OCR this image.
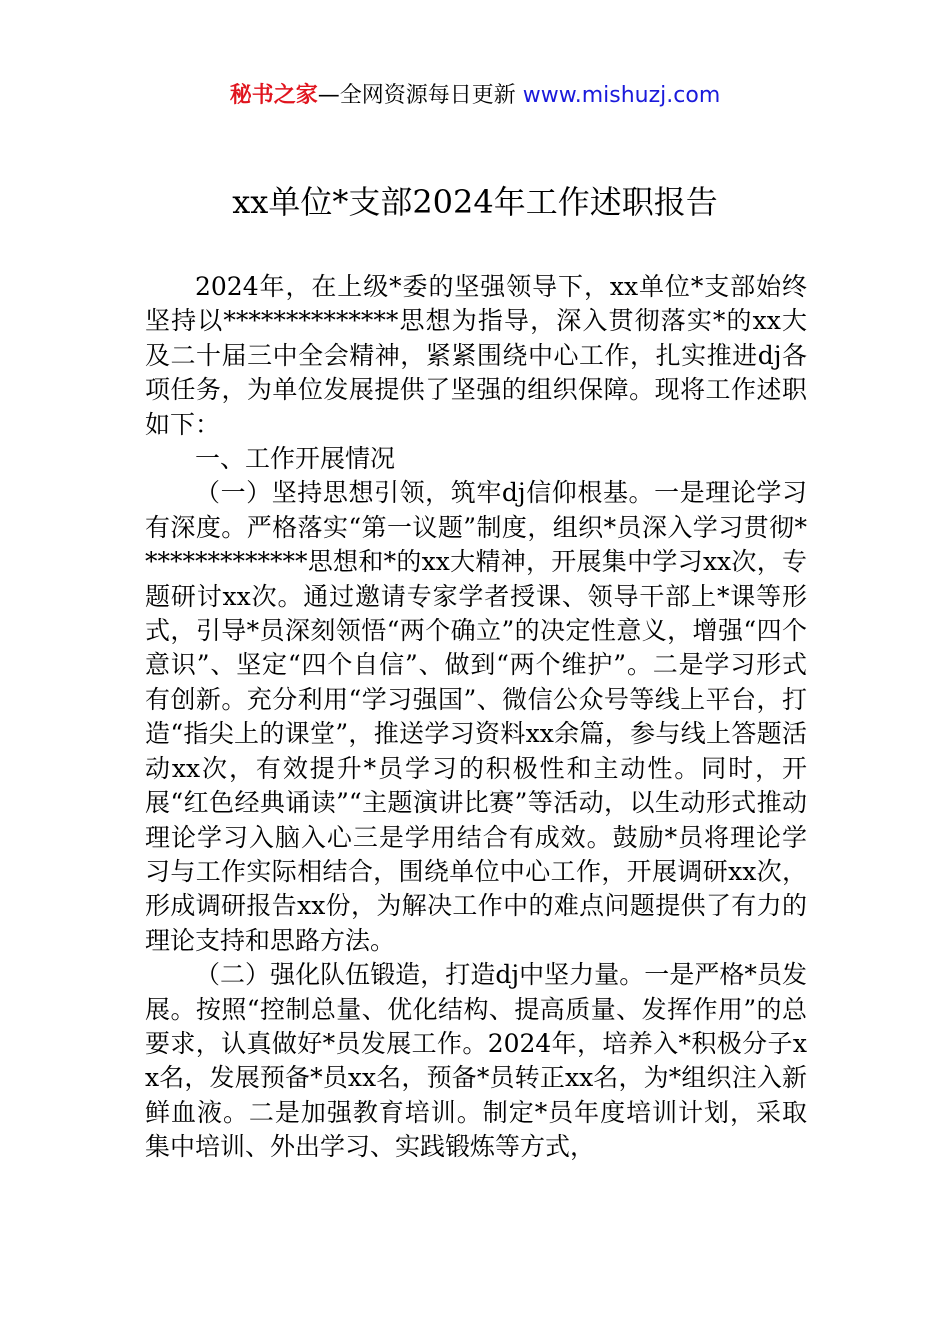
秘书之家—全网资源每日更新 www.mishuzj.com
xx单位*支部2024年工作述职报告

2024年，在上级*委的坚强领导下，xx单位*支部始终坚持以**************思想为指导，深入贯彻落实*的xx大及二十届三中全会精神，紧紧围绕中心工作，扎实推进dj各项任务，为单位发展提供了坚强的组织保障。现将工作述职如下：

一、工作开展情况

（一）坚持思想引领，筑牢dj信仰根基。一是理论学习有深度。严格落实“第一议题”制度，组织*员深入学习贯彻**************思想和*的xx大精神，开展集中学习xx次，专题研讨xx次。通过邀请专家学者授课、领导干部上*课等形式，引导*员深刻领悟“两个确立”的决定性意义，增强“四个意识”、坚定“四个自信”、做到“两个维护”。二是学习形式有创新。充分利用“学习强国”、微信公众号等线上平台，打造“指尖上的课堂”，推送学习资料xx余篇，参与线上答题活动xx次，有效提升*员学习的积极性和主动性。同时，开展“红色经典诵读”“主题演讲比赛”等活动，以生动形式推动理论学习入脑入心三是学用结合有成效。鼓励*员将理论学习与工作实际相结合，围绕单位中心工作，开展调研xx次，形成调研报告xx份，为解决工作中的难点问题提供了有力的理论支持和思路方法。

（二）强化队伍锻造，打造dj中坚力量。一是严格*员发展。按照“控制总量、优化结构、提高质量、发挥作用”的总要求，认真做好*员发展工作。2024年，培养入*积极分子xx名，发展预备*员xx名，预备*员转正xx名，为*组织注入新鲜血液。二是加强教育培训。制定*员年度培训计划，采取集中培训、外出学习、实践锻炼等方式，
